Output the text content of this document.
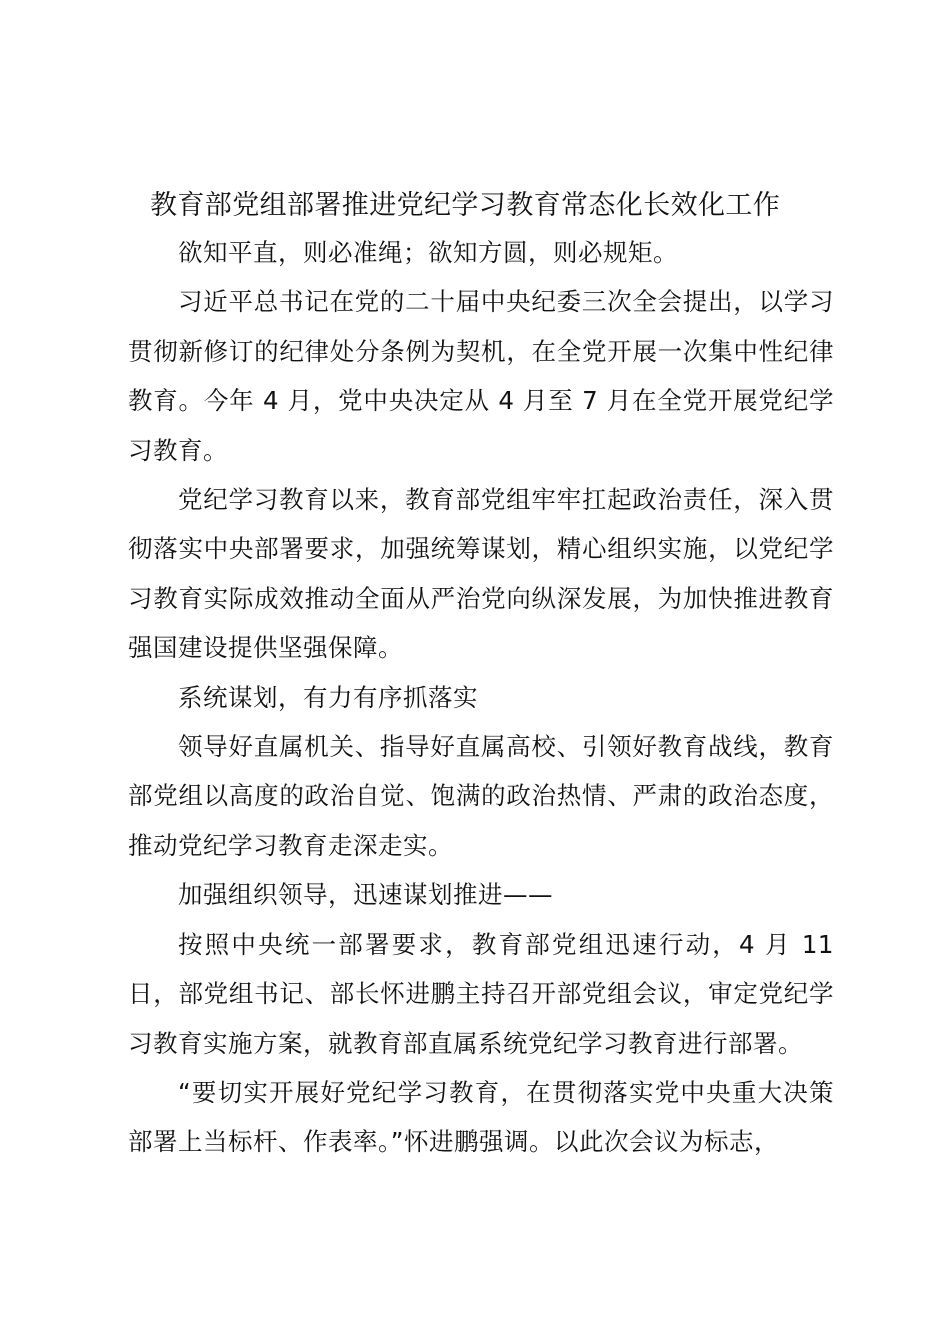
教育部党组部署推进党纪学习教育常态化长效化工作

欲知平直，则必准绳；欲知方圆，则必规矩。

习近平总书记在党的二十届中央纪委三次全会提出，以学习贯彻新修订的纪律处分条例为契机，在全党开展一次集中性纪律教育。今年 4 月，党中央决定从 4 月至 7 月在全党开展党纪学习教育。

党纪学习教育以来，教育部党组牢牢扛起政治责任，深入贯彻落实中央部署要求，加强统筹谋划，精心组织实施，以党纪学习教育实际成效推动全面从严治党向纵深发展，为加快推进教育强国建设提供坚强保障。

系统谋划，有力有序抓落实

领导好直属机关、指导好直属高校、引领好教育战线，教育部党组以高度的政治自觉、饱满的政治热情、严肃的政治态度，推动党纪学习教育走深走实。

加强组织领导，迅速谋划推进——

按照中央统一部署要求，教育部党组迅速行动，4 月 11 日，部党组书记、部长怀进鹏主持召开部党组会议，审定党纪学习教育实施方案，就教育部直属系统党纪学习教育进行部署。

“要切实开展好党纪学习教育，在贯彻落实党中央重大决策部署上当标杆、作表率。”怀进鹏强调。以此次会议为标志，
